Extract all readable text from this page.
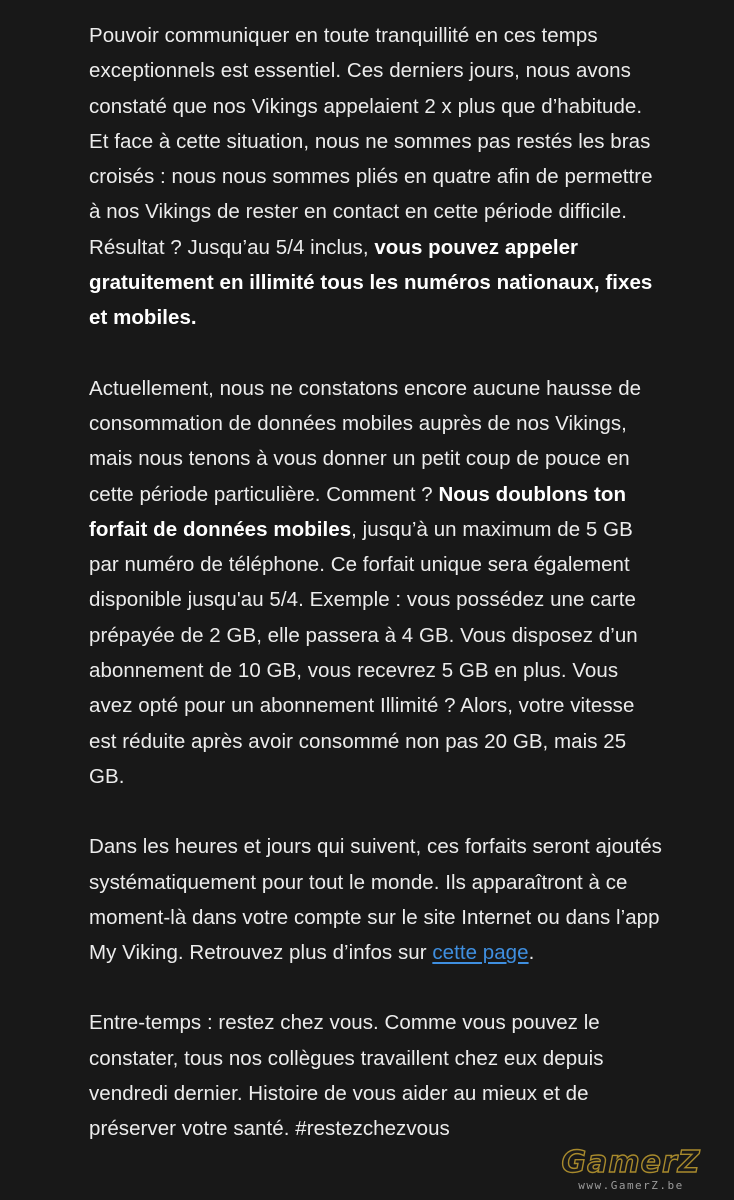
Pouvoir communiquer en toute tranquillité en ces temps exceptionnels est essentiel. Ces derniers jours, nous avons constaté que nos Vikings appelaient 2 x plus que d’habitude. Et face à cette situation, nous ne sommes pas restés les bras croisés : nous nous sommes pliés en quatre afin de permettre à nos Vikings de rester en contact en cette période difficile. Résultat ? Jusqu’au 5/4 inclus, vous pouvez appeler gratuitement en illimité tous les numéros nationaux, fixes et mobiles.

Actuellement, nous ne constatons encore aucune hausse de consommation de données mobiles auprès de nos Vikings, mais nous tenons à vous donner un petit coup de pouce en cette période particulière. Comment ? Nous doublons ton forfait de données mobiles, jusqu’à un maximum de 5 GB par numéro de téléphone. Ce forfait unique sera également disponible jusqu'au 5/4. Exemple : vous possédez une carte prépayée de 2 GB, elle passera à 4 GB. Vous disposez d’un abonnement de 10 GB, vous recevrez 5 GB en plus. Vous avez opté pour un abonnement Illimité ? Alors, votre vitesse est réduite après avoir consommé non pas 20 GB, mais 25 GB.

Dans les heures et jours qui suivent, ces forfaits seront ajoutés systématiquement pour tout le monde. Ils apparaîtront à ce moment-là dans votre compte sur le site Internet ou dans l’app My Viking. Retrouvez plus d’infos sur cette page.

Entre-temps : restez chez vous. Comme vous pouvez le constater, tous nos collègues travaillent chez eux depuis vendredi dernier. Histoire de vous aider au mieux et de préserver votre santé. #restezchezvous

GamerZ
www.GamerZ.be
